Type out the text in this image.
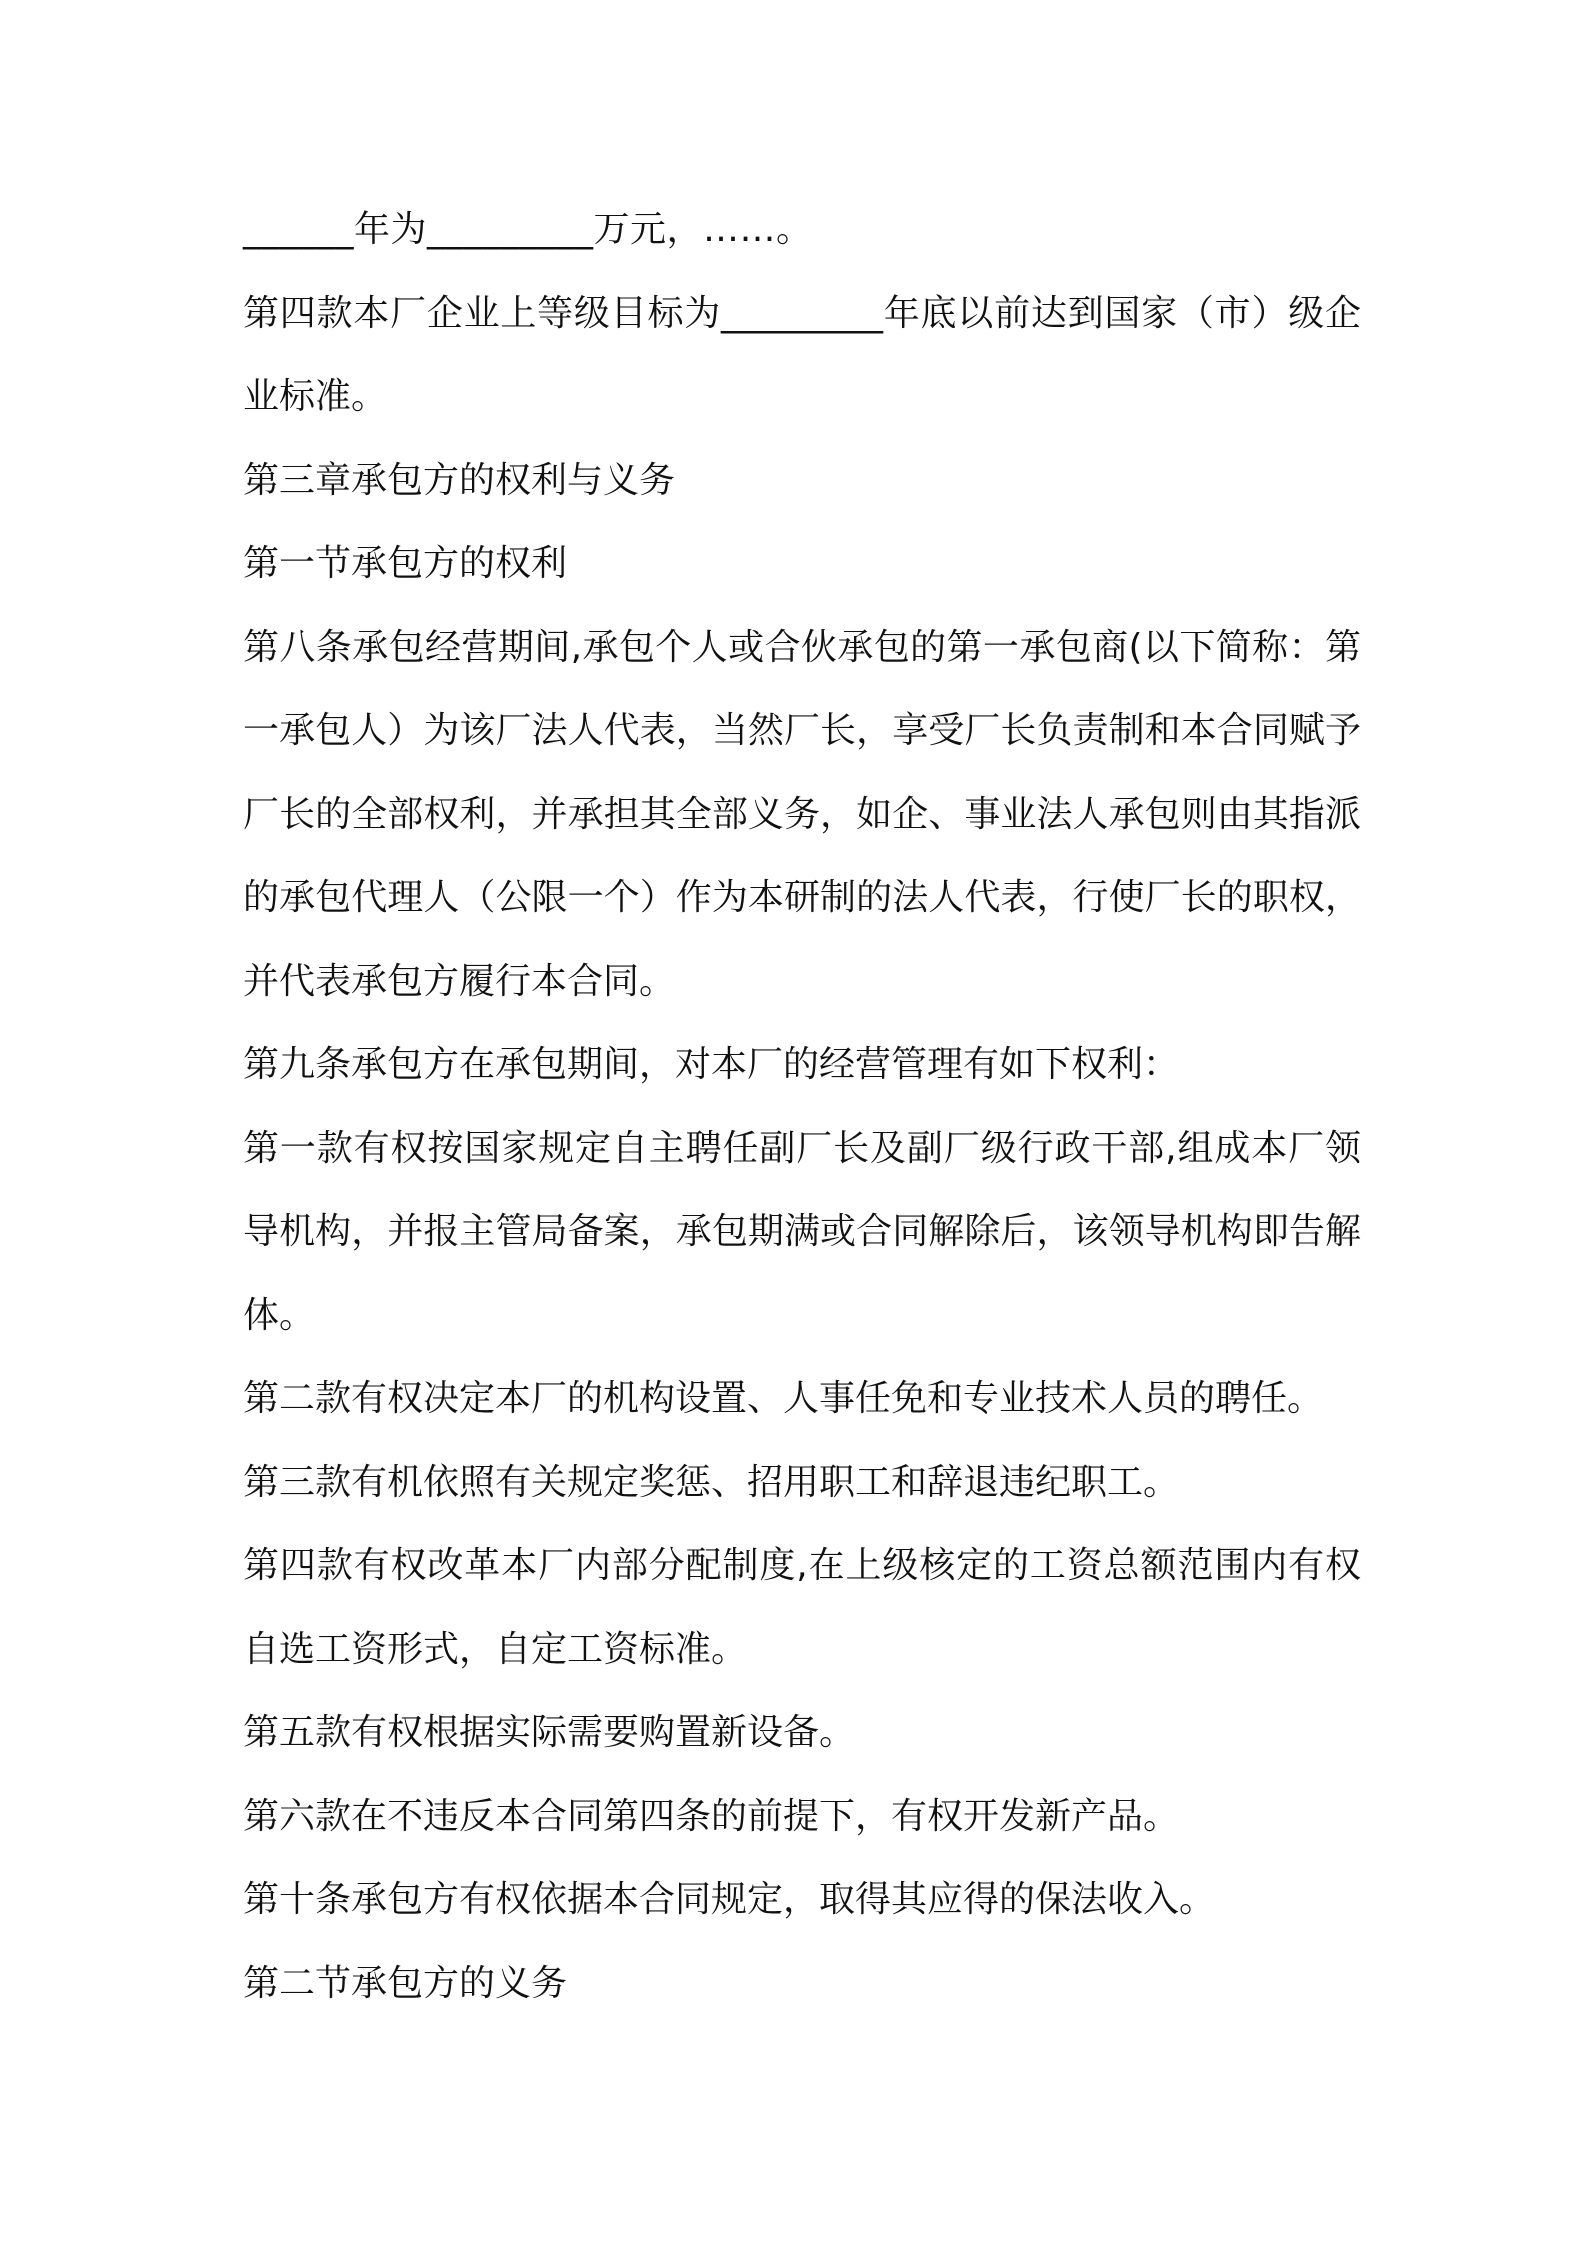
______年为_________万元，……。

第四款本厂企业上等级目标为_________年底以前达到国家（市）级企业标准。

第三章承包方的权利与义务

第一节承包方的权利

第八条承包经营期间,承包个人或合伙承包的第一承包商(以下简称：第一承包人）为该厂法人代表，当然厂长，享受厂长负责制和本合同赋予厂长的全部权利，并承担其全部义务，如企、事业法人承包则由其指派的承包代理人（公限一个）作为本研制的法人代表，行使厂长的职权，并代表承包方履行本合同。

第九条承包方在承包期间，对本厂的经营管理有如下权利：

第一款有权按国家规定自主聘任副厂长及副厂级行政干部,组成本厂领导机构，并报主管局备案，承包期满或合同解除后，该领导机构即告解体。

第二款有权决定本厂的机构设置、人事任免和专业技术人员的聘任。

第三款有机依照有关规定奖惩、招用职工和辞退违纪职工。

第四款有权改革本厂内部分配制度,在上级核定的工资总额范围内有权自选工资形式，自定工资标准。

第五款有权根据实际需要购置新设备。

第六款在不违反本合同第四条的前提下，有权开发新产品。

第十条承包方有权依据本合同规定，取得其应得的保法收入。

第二节承包方的义务
